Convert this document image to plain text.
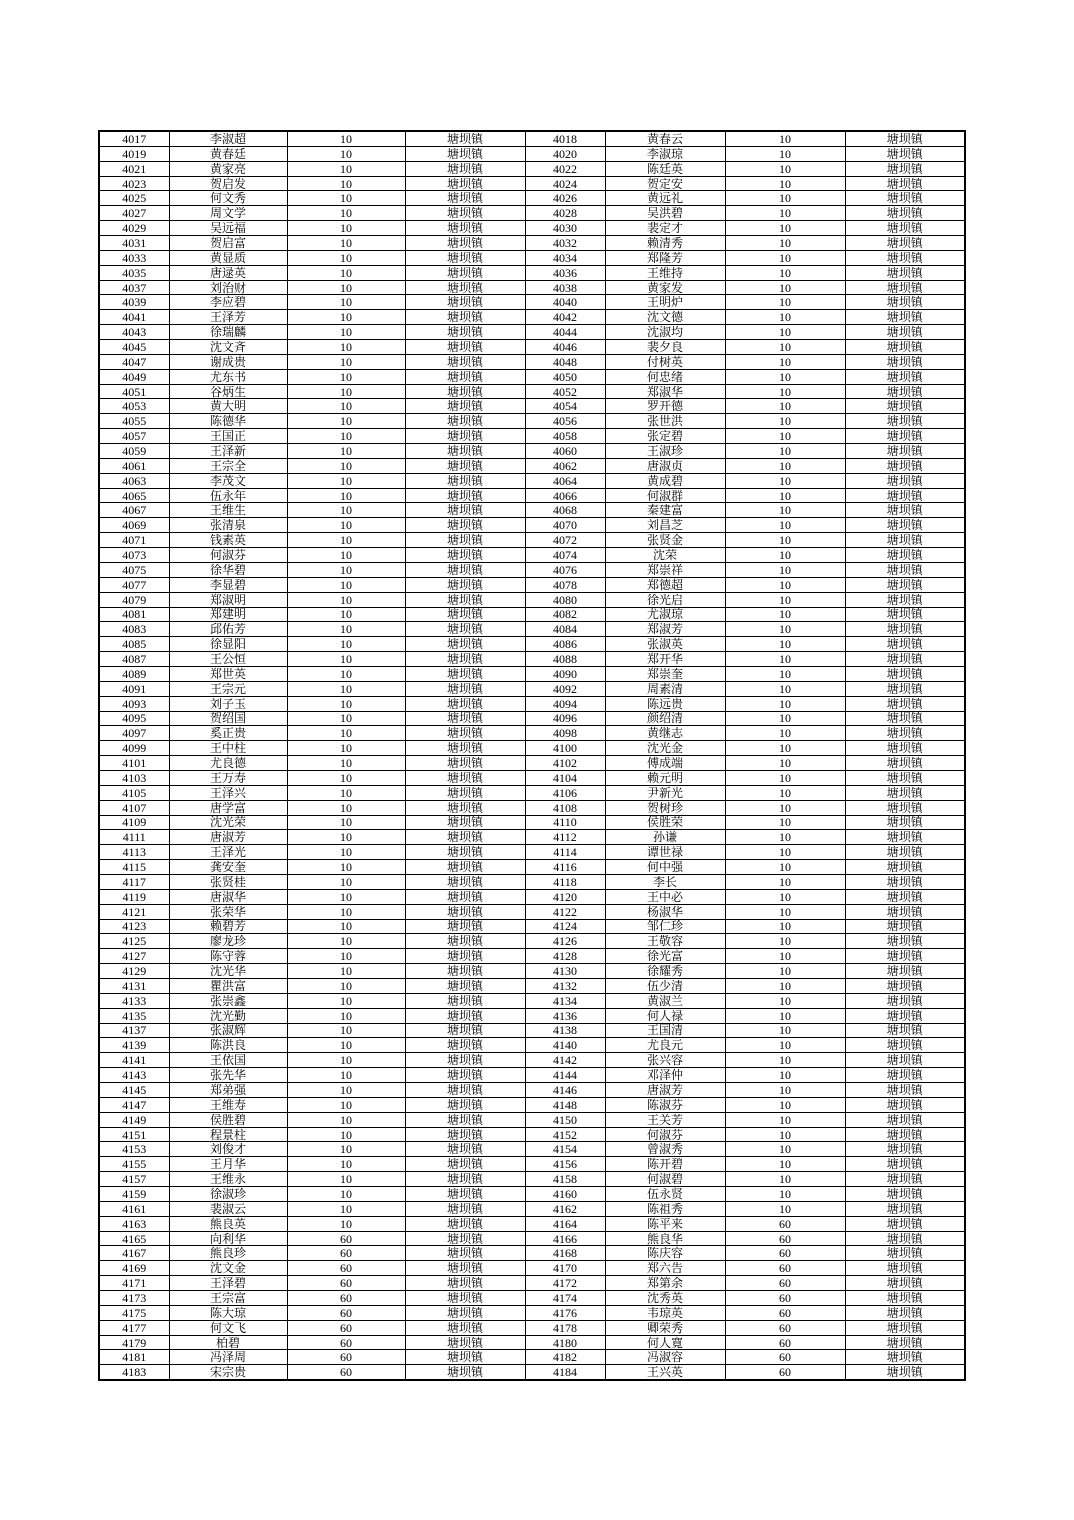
4017	李淑超	10	塘坝镇	4018	黄春云	10	塘坝镇
4019	黄春廷	10	塘坝镇	4020	李淑琼	10	塘坝镇
4021	黄家亮	10	塘坝镇	4022	陈廷英	10	塘坝镇
4023	贺启发	10	塘坝镇	4024	贺定安	10	塘坝镇
4025	何文秀	10	塘坝镇	4026	黄远礼	10	塘坝镇
4027	周文学	10	塘坝镇	4028	吴洪碧	10	塘坝镇
4029	吴远福	10	塘坝镇	4030	裴定才	10	塘坝镇
4031	贺启富	10	塘坝镇	4032	赖清秀	10	塘坝镇
4033	黄显质	10	塘坝镇	4034	郑隆芳	10	塘坝镇
4035	唐逯英	10	塘坝镇	4036	王维持	10	塘坝镇
4037	刘治财	10	塘坝镇	4038	黄家发	10	塘坝镇
4039	李应碧	10	塘坝镇	4040	王明炉	10	塘坝镇
4041	王泽芳	10	塘坝镇	4042	沈文德	10	塘坝镇
4043	徐瑞麟	10	塘坝镇	4044	沈淑均	10	塘坝镇
4045	沈文斉	10	塘坝镇	4046	裴夕良	10	塘坝镇
4047	谢成贵	10	塘坝镇	4048	付树英	10	塘坝镇
4049	尤东书	10	塘坝镇	4050	何忠绪	10	塘坝镇
4051	谷炳生	10	塘坝镇	4052	郑淑华	10	塘坝镇
4053	黄大明	10	塘坝镇	4054	罗开德	10	塘坝镇
4055	陈德华	10	塘坝镇	4056	张世洪	10	塘坝镇
4057	王国正	10	塘坝镇	4058	张定碧	10	塘坝镇
4059	王泽新	10	塘坝镇	4060	王淑珍	10	塘坝镇
4061	王宗全	10	塘坝镇	4062	唐淑贞	10	塘坝镇
4063	李茂文	10	塘坝镇	4064	黄成碧	10	塘坝镇
4065	伍永年	10	塘坝镇	4066	何淑群	10	塘坝镇
4067	王维生	10	塘坝镇	4068	秦建富	10	塘坝镇
4069	张清泉	10	塘坝镇	4070	刘昌芝	10	塘坝镇
4071	钱素英	10	塘坝镇	4072	张贤金	10	塘坝镇
4073	何淑芬	10	塘坝镇	4074	沈荣	10	塘坝镇
4075	徐华碧	10	塘坝镇	4076	郑崇祥	10	塘坝镇
4077	李显碧	10	塘坝镇	4078	郑德超	10	塘坝镇
4079	郑淑明	10	塘坝镇	4080	徐光启	10	塘坝镇
4081	郑建明	10	塘坝镇	4082	尤淑琼	10	塘坝镇
4083	邱佑芳	10	塘坝镇	4084	郑淑芳	10	塘坝镇
4085	徐显阳	10	塘坝镇	4086	张淑英	10	塘坝镇
4087	王公恒	10	塘坝镇	4088	郑开华	10	塘坝镇
4089	郑世英	10	塘坝镇	4090	郑崇奎	10	塘坝镇
4091	王宗元	10	塘坝镇	4092	周素清	10	塘坝镇
4093	刘子玉	10	塘坝镇	4094	陈远贵	10	塘坝镇
4095	贺绍国	10	塘坝镇	4096	颜绍清	10	塘坝镇
4097	奚正贵	10	塘坝镇	4098	黄继志	10	塘坝镇
4099	王中柱	10	塘坝镇	4100	沈光金	10	塘坝镇
4101	尤良德	10	塘坝镇	4102	傅成端	10	塘坝镇
4103	王万寿	10	塘坝镇	4104	赖元明	10	塘坝镇
4105	王泽兴	10	塘坝镇	4106	尹新光	10	塘坝镇
4107	唐学富	10	塘坝镇	4108	贺树珍	10	塘坝镇
4109	沈光荣	10	塘坝镇	4110	侯胜荣	10	塘坝镇
4111	唐淑芳	10	塘坝镇	4112	孙谦	10	塘坝镇
4113	王泽光	10	塘坝镇	4114	谭世禄	10	塘坝镇
4115	龚安奎	10	塘坝镇	4116	何中强	10	塘坝镇
4117	张贤桂	10	塘坝镇	4118	李长	10	塘坝镇
4119	唐淑华	10	塘坝镇	4120	王中必	10	塘坝镇
4121	张荣华	10	塘坝镇	4122	杨淑华	10	塘坝镇
4123	赖碧芳	10	塘坝镇	4124	邹仁珍	10	塘坝镇
4125	廖龙珍	10	塘坝镇	4126	王敬容	10	塘坝镇
4127	陈守蓉	10	塘坝镇	4128	徐光富	10	塘坝镇
4129	沈光华	10	塘坝镇	4130	徐耀秀	10	塘坝镇
4131	瞿洪富	10	塘坝镇	4132	伍少清	10	塘坝镇
4133	张崇鑫	10	塘坝镇	4134	黄淑兰	10	塘坝镇
4135	沈光勤	10	塘坝镇	4136	何人禄	10	塘坝镇
4137	张淑辉	10	塘坝镇	4138	王国清	10	塘坝镇
4139	陈洪良	10	塘坝镇	4140	尤良元	10	塘坝镇
4141	王依国	10	塘坝镇	4142	张兴容	10	塘坝镇
4143	张先华	10	塘坝镇	4144	邓泽仲	10	塘坝镇
4145	郑弟强	10	塘坝镇	4146	唐淑芳	10	塘坝镇
4147	王维寿	10	塘坝镇	4148	陈淑芬	10	塘坝镇
4149	侯胜碧	10	塘坝镇	4150	王关芳	10	塘坝镇
4151	程景柱	10	塘坝镇	4152	何淑芬	10	塘坝镇
4153	刘俊才	10	塘坝镇	4154	曾淑秀	10	塘坝镇
4155	王月华	10	塘坝镇	4156	陈开碧	10	塘坝镇
4157	王维永	10	塘坝镇	4158	何淑碧	10	塘坝镇
4159	徐淑珍	10	塘坝镇	4160	伍永贤	10	塘坝镇
4161	裴淑云	10	塘坝镇	4162	陈祖秀	10	塘坝镇
4163	熊良英	10	塘坝镇	4164	陈平来	60	塘坝镇
4165	向利华	60	塘坝镇	4166	熊良华	60	塘坝镇
4167	熊良珍	60	塘坝镇	4168	陈庆容	60	塘坝镇
4169	沈文金	60	塘坝镇	4170	郑六告	60	塘坝镇
4171	王泽碧	60	塘坝镇	4172	郑第余	60	塘坝镇
4173	王宗富	60	塘坝镇	4174	沈秀英	60	塘坝镇
4175	陈大琼	60	塘坝镇	4176	韦琼英	60	塘坝镇
4177	何文飞	60	塘坝镇	4178	卿荣秀	60	塘坝镇
4179	柏碧	60	塘坝镇	4180	何人寛	60	塘坝镇
4181	冯泽周	60	塘坝镇	4182	冯淑容	60	塘坝镇
4183	宋宗贵	60	塘坝镇	4184	王兴英	60	塘坝镇
